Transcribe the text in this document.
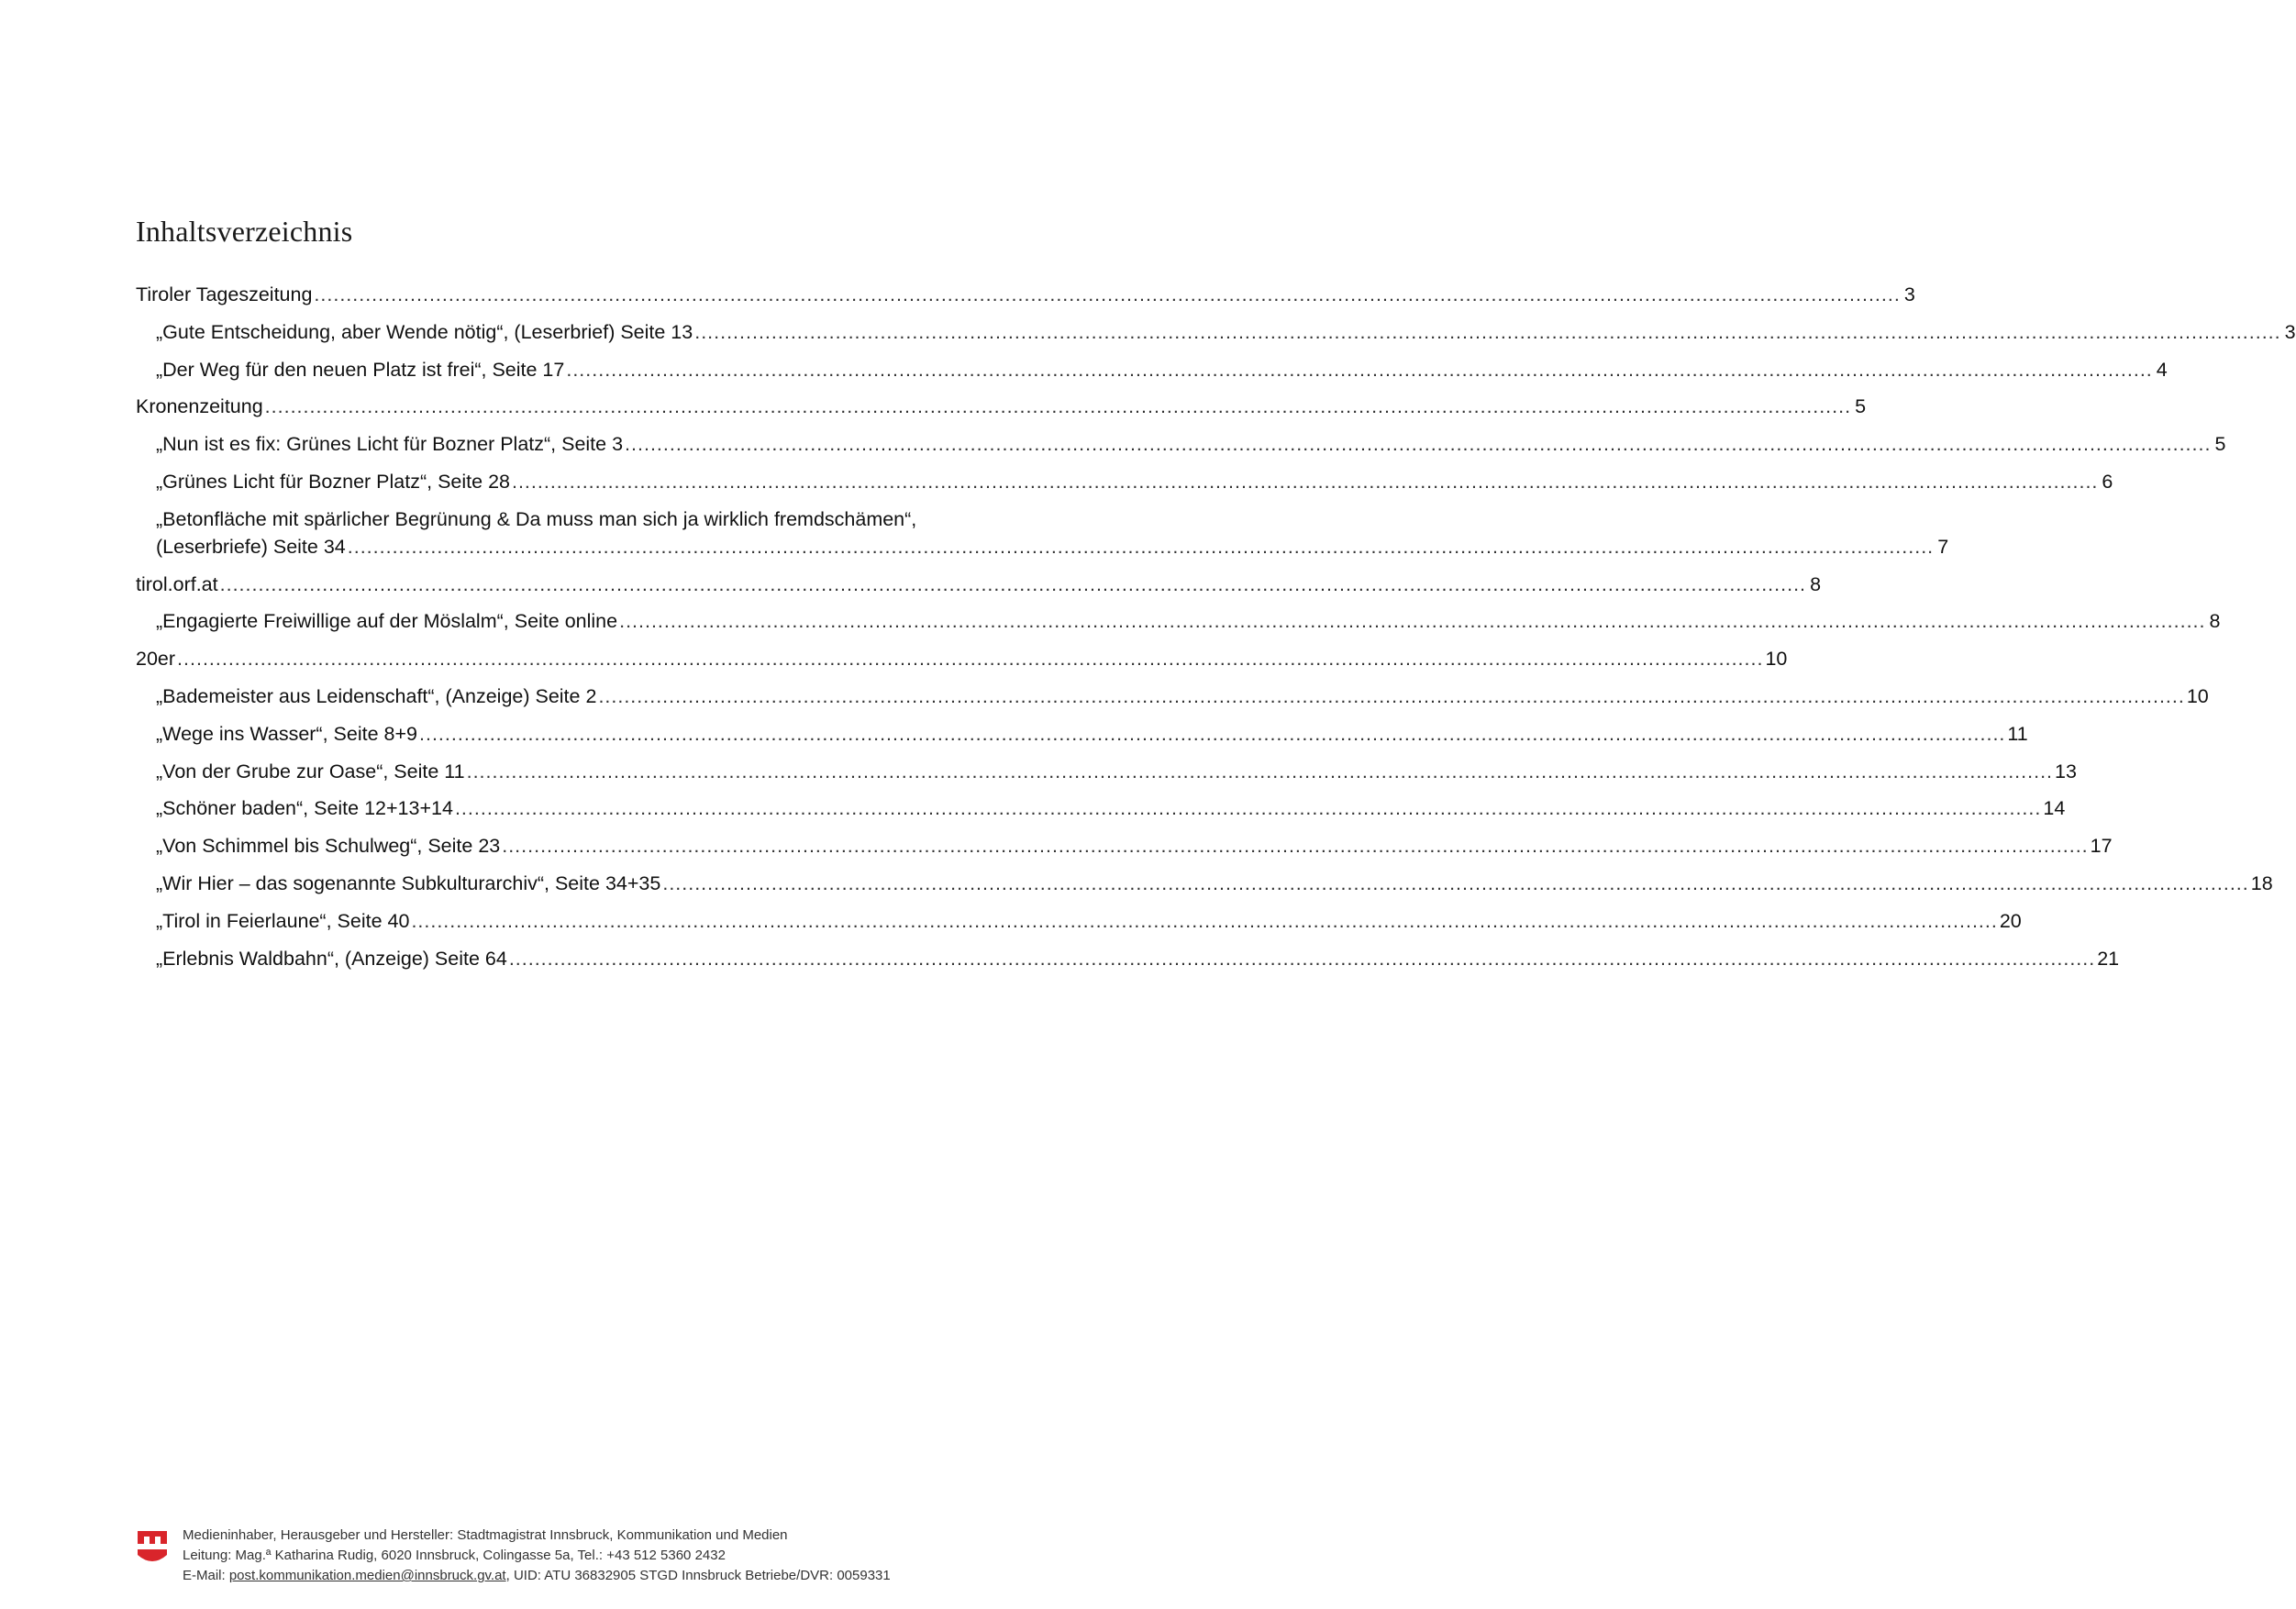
Inhaltsverzeichnis
Tiroler Tageszeitung .....	3
„Gute Entscheidung, aber Wende nötig“, (Leserbrief) Seite 13 .....	3
„Der Weg für den neuen Platz ist frei“, Seite 17 .....	4
Kronenzeitung .....	5
„Nun ist es fix: Grünes Licht für Bozner Platz“, Seite 3 .....	5
„Grünes Licht für Bozner Platz“, Seite 28 .....	6
„Betonfläche mit spärlicher Begrünung & Da muss man sich ja wirklich fremdschämen“,
(Leserbriefe) Seite 34 .....	7
tirol.orf.at .....	8
„Engagierte Freiwillige auf der Möslalm“, Seite online .....	8
20er .....	10
„Bademeister aus Leidenschaft“, (Anzeige) Seite 2 .....	10
„Wege ins Wasser“, Seite 8+9 .....	11
„Von der Grube zur Oase“, Seite 11 .....	13
„Schöner baden“, Seite 12+13+14 .....	14
„Von Schimmel bis Schulweg“, Seite 23 .....	17
„Wir Hier – das sogenannte Subkulturarchiv“, Seite 34+35 .....	18
„Tirol in Feierlaune“, Seite 40 .....	20
„Erlebnis Waldbahn“, (Anzeige) Seite 64 .....	21
Medieninhaber, Herausgeber und Hersteller: Stadtmagistrat Innsbruck, Kommunikation und Medien
Leitung: Mag.ª Katharina Rudig, 6020 Innsbruck, Colingasse 5a, Tel.: +43 512 5360 2432
E-Mail: post.kommunikation.medien@innsbruck.gv.at, UID: ATU 36832905 STGD Innsbruck Betriebe/DVR: 0059331
